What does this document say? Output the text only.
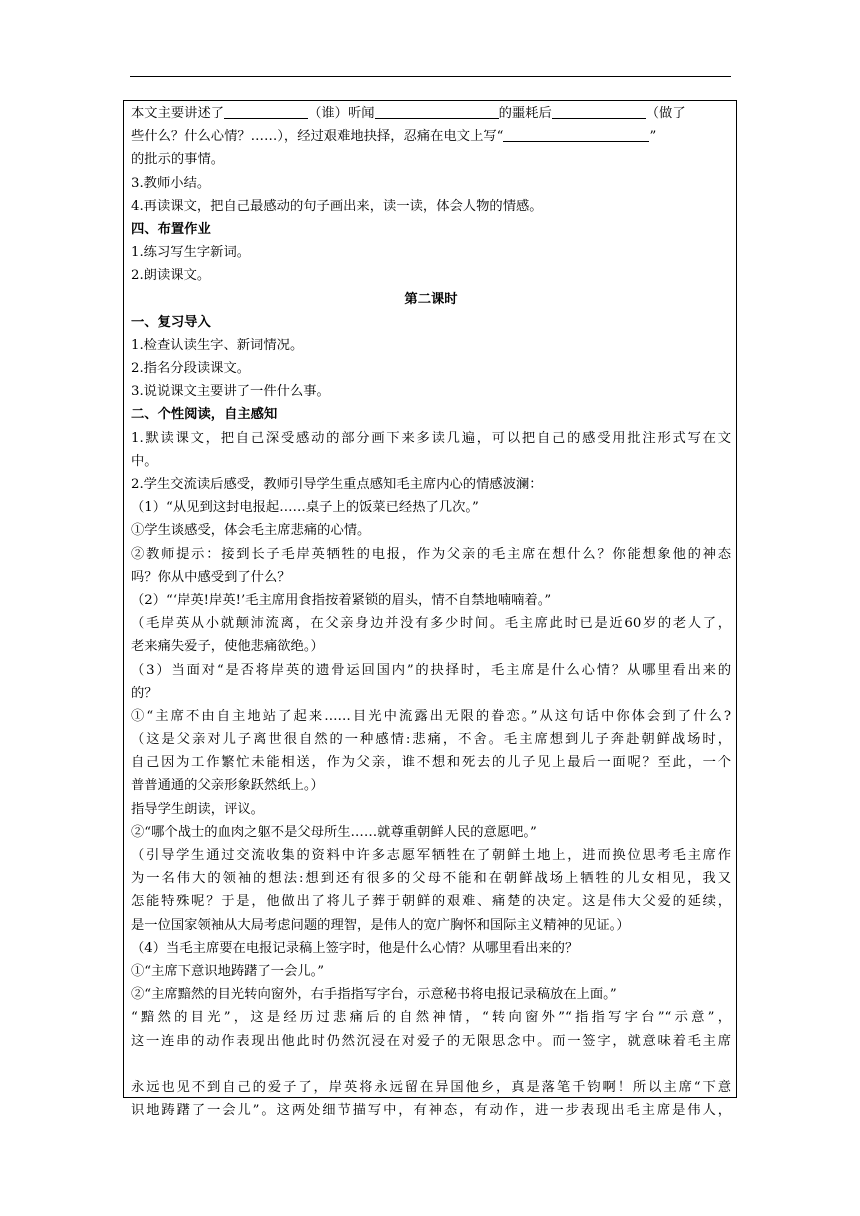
本文主要讲述了	（谁）听闻	的噩耗后	（做了
些什么？什么心情？……），经过艰难地抉择，忍痛在电文上写“	”
的批示的事情。
3.教师小结。
4.再读课文，把自己最感动的句子画出来，读一读，体会人物的情感。
四、布置作业
1.练习写生字新词。
2.朗读课文。
第二课时
一、复习导入
1.检查认读生字、新词情况。
2.指名分段读课文。
3.说说课文主要讲了一件什么事。
二、个性阅读，自主感知
1.默读课文，把自己深受感动的部分画下来多读几遍，可以把自己的感受用批注形式写在文
中。
2.学生交流读后感受，教师引导学生重点感知毛主席内心的情感波澜：
（1）“从见到这封电报起……桌子上的饭菜已经热了几次。”
①学生谈感受，体会毛主席悲痛的心情。
②教师提示：接到长子毛岸英牺牲的电报，作为父亲的毛主席在想什么？你能想象他的神态
吗？你从中感受到了什么？
（2）“‘岸英!岸英!’毛主席用食指按着紧锁的眉头，情不自禁地喃喃着。”
（毛岸英从小就颠沛流离，在父亲身边并没有多少时间。毛主席此时已是近60岁的老人了，
老来痛失爱子，使他悲痛欲绝。）
（3）当面对“是否将岸英的遗骨运回国内”的抉择时，毛主席是什么心情？从哪里看出来的
的？
①“主席不由自主地站了起来……目光中流露出无限的眷恋。”从这句话中你体会到了什么?
（这是父亲对儿子离世很自然的一种感情:悲痛，不舍。毛主席想到儿子奔赴朝鲜战场时，
自己因为工作繁忙未能相送，作为父亲，谁不想和死去的儿子见上最后一面呢？至此，一个
普普通通的父亲形象跃然纸上。）
指导学生朗读，评议。
②“哪个战士的血肉之躯不是父母所生……就尊重朝鲜人民的意愿吧。”
（引导学生通过交流收集的资料中许多志愿军牺牲在了朝鲜土地上，进而换位思考毛主席作
为一名伟大的领袖的想法:想到还有很多的父母不能和在朝鲜战场上牺牲的儿女相见，我又
怎能特殊呢？于是，他做出了将儿子葬于朝鲜的艰难、痛楚的决定。这是伟大父爱的延续，
是一位国家领袖从大局考虑问题的理智，是伟人的宽广胸怀和国际主义精神的见证。）
（4）当毛主席要在电报记录稿上签字时，他是什么心情？从哪里看出来的？
①“主席下意识地踌躇了一会儿。”
②“主席黯然的目光转向窗外，右手指指写字台，示意秘书将电报记录稿放在上面。”
“黯然的目光”，这是经历过悲痛后的自然神情，“转向窗外”“指指写字台”“示意”，
这一连串的动作表现出他此时仍然沉浸在对爱子的无限思念中。而一签字，就意味着毛主席
永远也见不到自己的爱子了，岸英将永远留在异国他乡，真是落笔千钧啊！所以主席“下意
识地踌躇了一会儿”。这两处细节描写中，有神态，有动作，进一步表现出毛主席是伟人，
